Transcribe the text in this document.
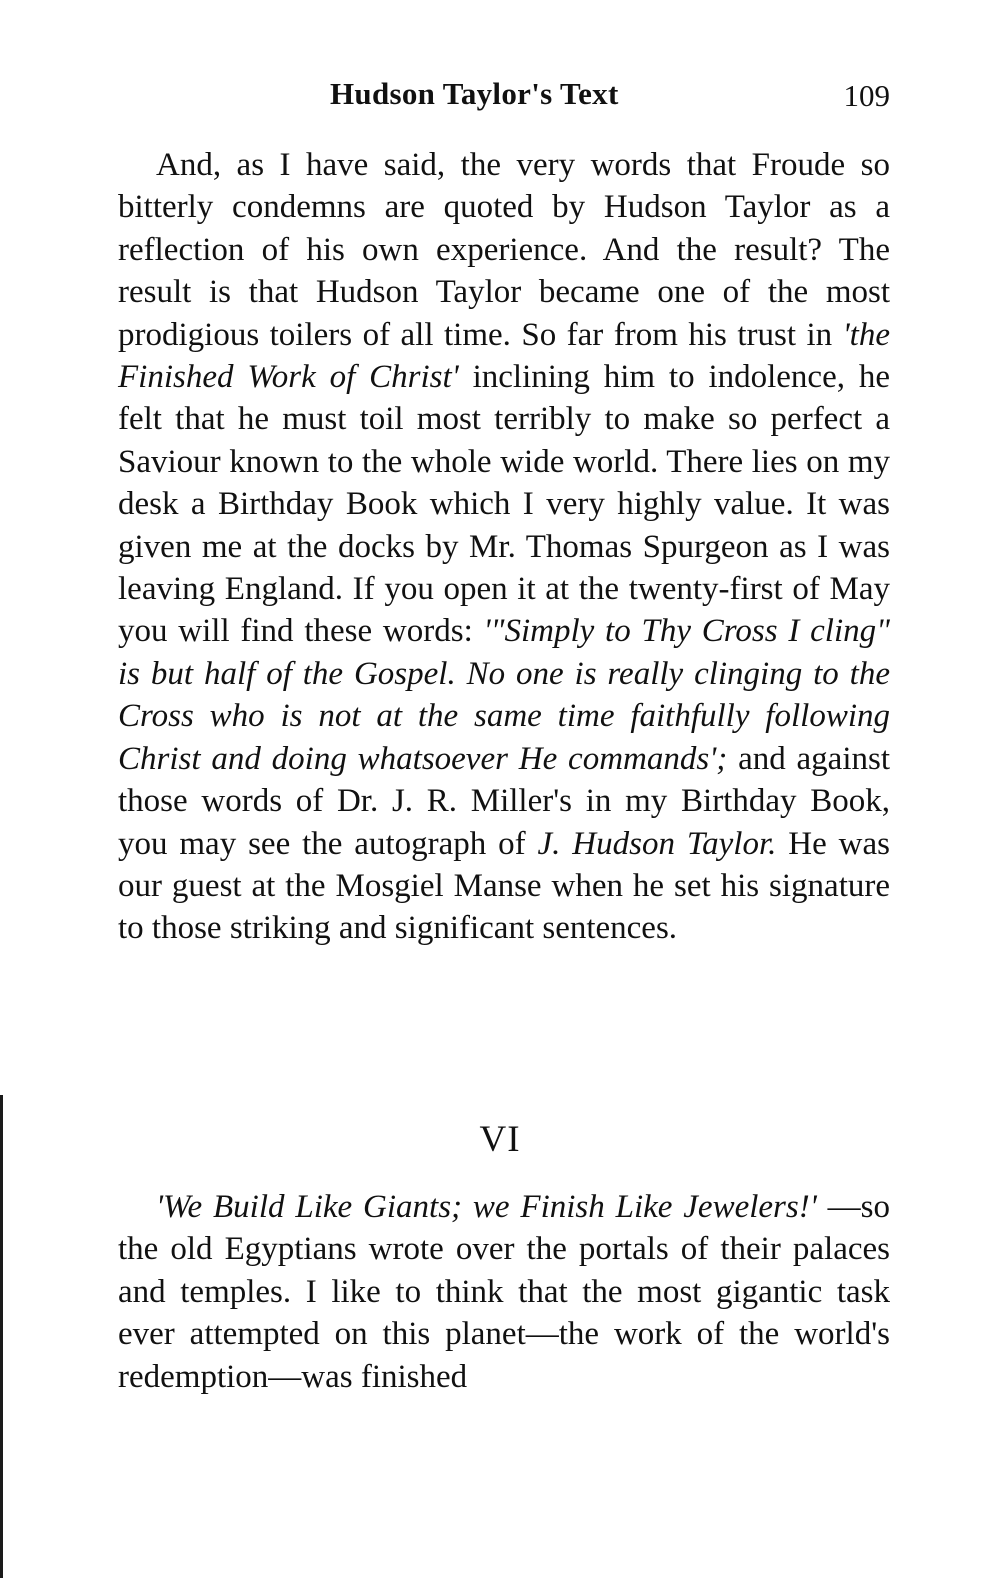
Hudson Taylor's Text	109

And, as I have said, the very words that Froude so bitterly condemns are quoted by Hudson Taylor as a reflection of his own experience. And the result? The result is that Hudson Taylor became one of the most prodigious toilers of all time. So far from his trust in 'the Finished Work of Christ' inclining him to indolence, he felt that he must toil most terribly to make so perfect a Saviour known to the whole wide world. There lies on my desk a Birthday Book which I very highly value. It was given me at the docks by Mr. Thomas Spurgeon as I was leaving England. If you open it at the twenty-first of May you will find these words: '"Simply to Thy Cross I cling" is but half of the Gospel. No one is really clinging to the Cross who is not at the same time faithfully following Christ and doing whatsoever He commands'; and against those words of Dr. J. R. Miller's in my Birthday Book, you may see the autograph of J. Hudson Taylor. He was our guest at the Mosgiel Manse when he set his signature to those striking and significant sentences.

VI

'We Build Like Giants; we Finish Like Jewelers!' —so the old Egyptians wrote over the portals of their palaces and temples. I like to think that the most gigantic task ever attempted on this planet—the work of the world's redemption—was finished
